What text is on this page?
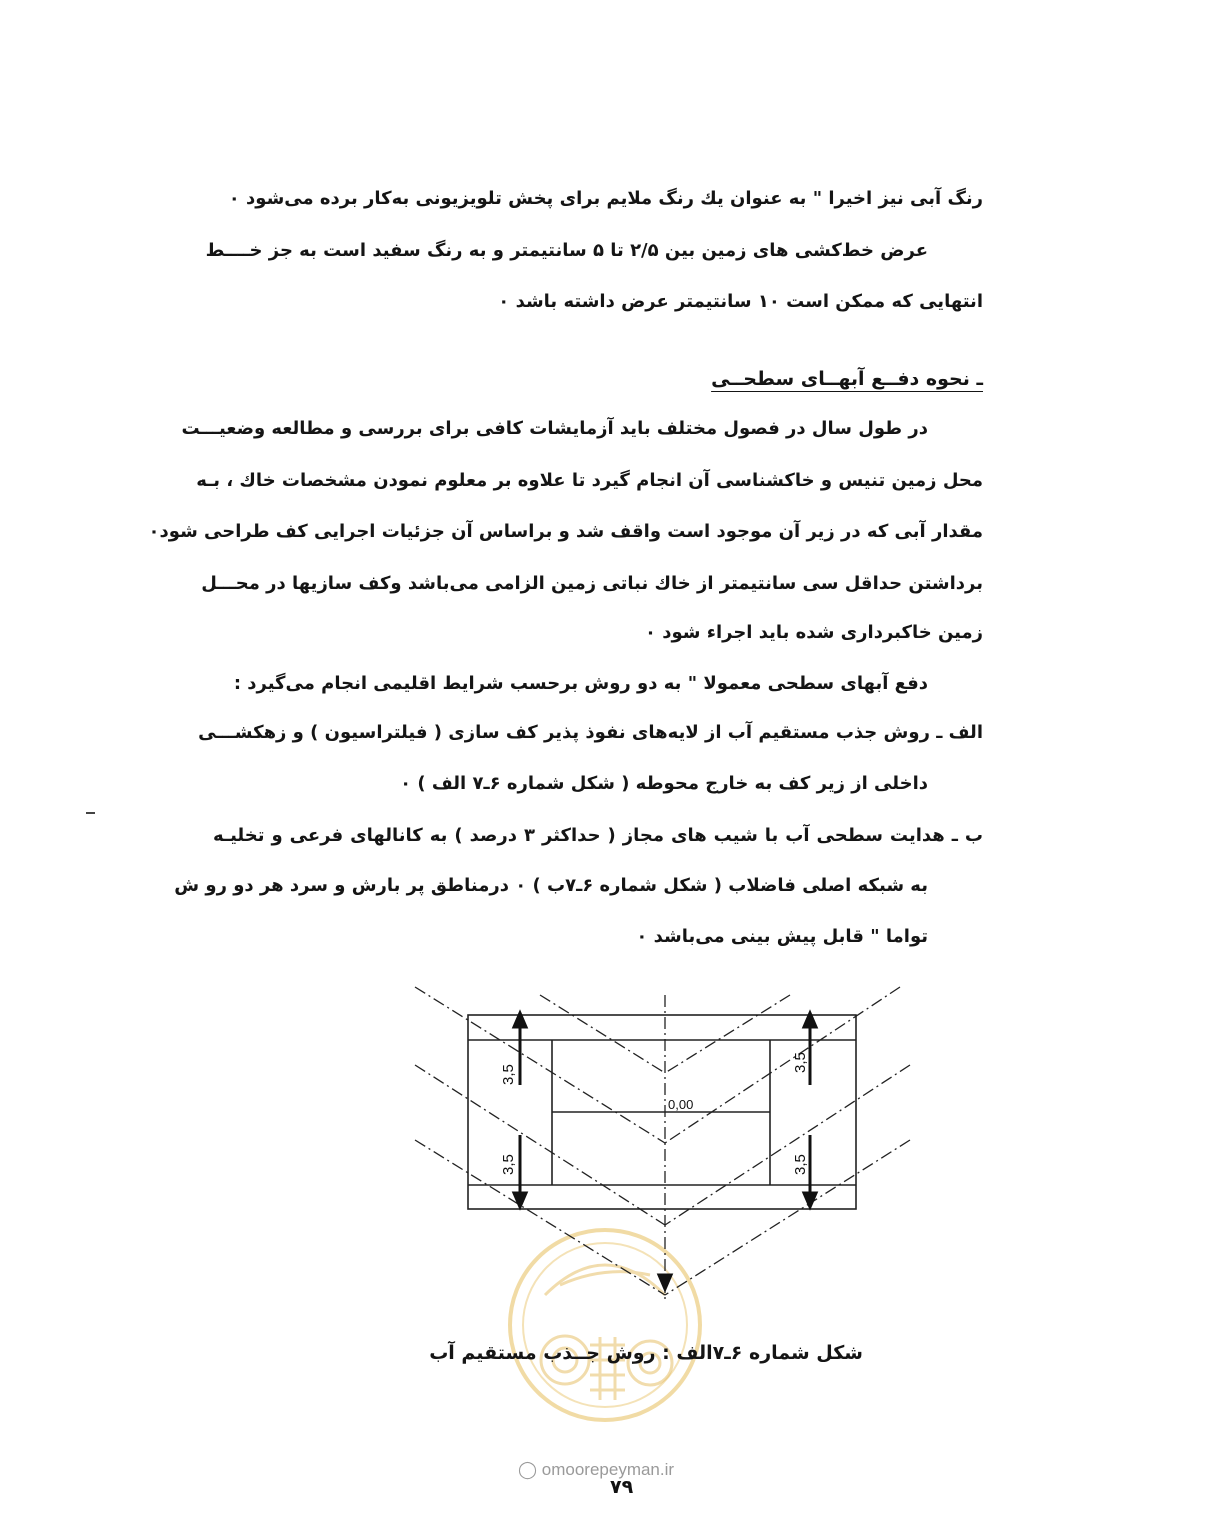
رنگ آبی نیز اخیرا " به عنوان یك رنگ ملایم برای پخش تلویزیونی به‌کار برده می‌شود ۰
عرض خط‌کشی های زمین بین ۲/۵ تا ۵ سانتیمتر و به رنگ سفید است به جز خــــط
انتهایی که ممکن است ۱۰ سانتیمتر عرض داشته باشد ۰
ـ نحوه دفــع آبهــای سطحــی
در طول سال در فصول مختلف باید آزمایشات کافی برای بررسی و مطالعه وضعیـــت
محل زمین تنیس و خاکشناسی آن انجام گیرد تا علاوه بر معلوم نمودن مشخصات خاك ، بـه
مقدار آبی که در زیر آن موجود است واقف شد و براساس آن جزئیات اجرایی کف طراحی شود۰
برداشتن حداقل سی سانتیمتر از خاك نباتی زمین الزامی می‌باشد وکف سازیها در محـــل
زمین خاکبرداری شده باید اجراء شود ۰
دفع آبهای سطحی معمولا " به دو روش برحسب شرایط اقلیمی انجام می‌گیرد :
الف ـ روش جذب مستقیم آب از لایه‌های نفوذ پذیر کف سازی ( فیلتراسیون ) و زهکشـــی
داخلی از زیر کف به خارج محوطه ( شکل شماره ۶ـ۷ الف ) ۰
ب ـ هدایت سطحی آب با شیب های مجاز ( حداکثر ۳ درصد ) به کانالهای فرعی و تخلیـه
به شبکه اصلی فاضلاب ( شکل شماره ۶ـ۷ب ) ۰ درمناطق پر بارش و سرد هر دو رو ش
تواما " قابل پیش بینی می‌باشد ۰
3,5
3,5
3,5	3,5
0,00
شکل شماره ۶ـ۷الف : روش جــذب مستقیم آب
◯ omoorepeyman.ir
۷۹
